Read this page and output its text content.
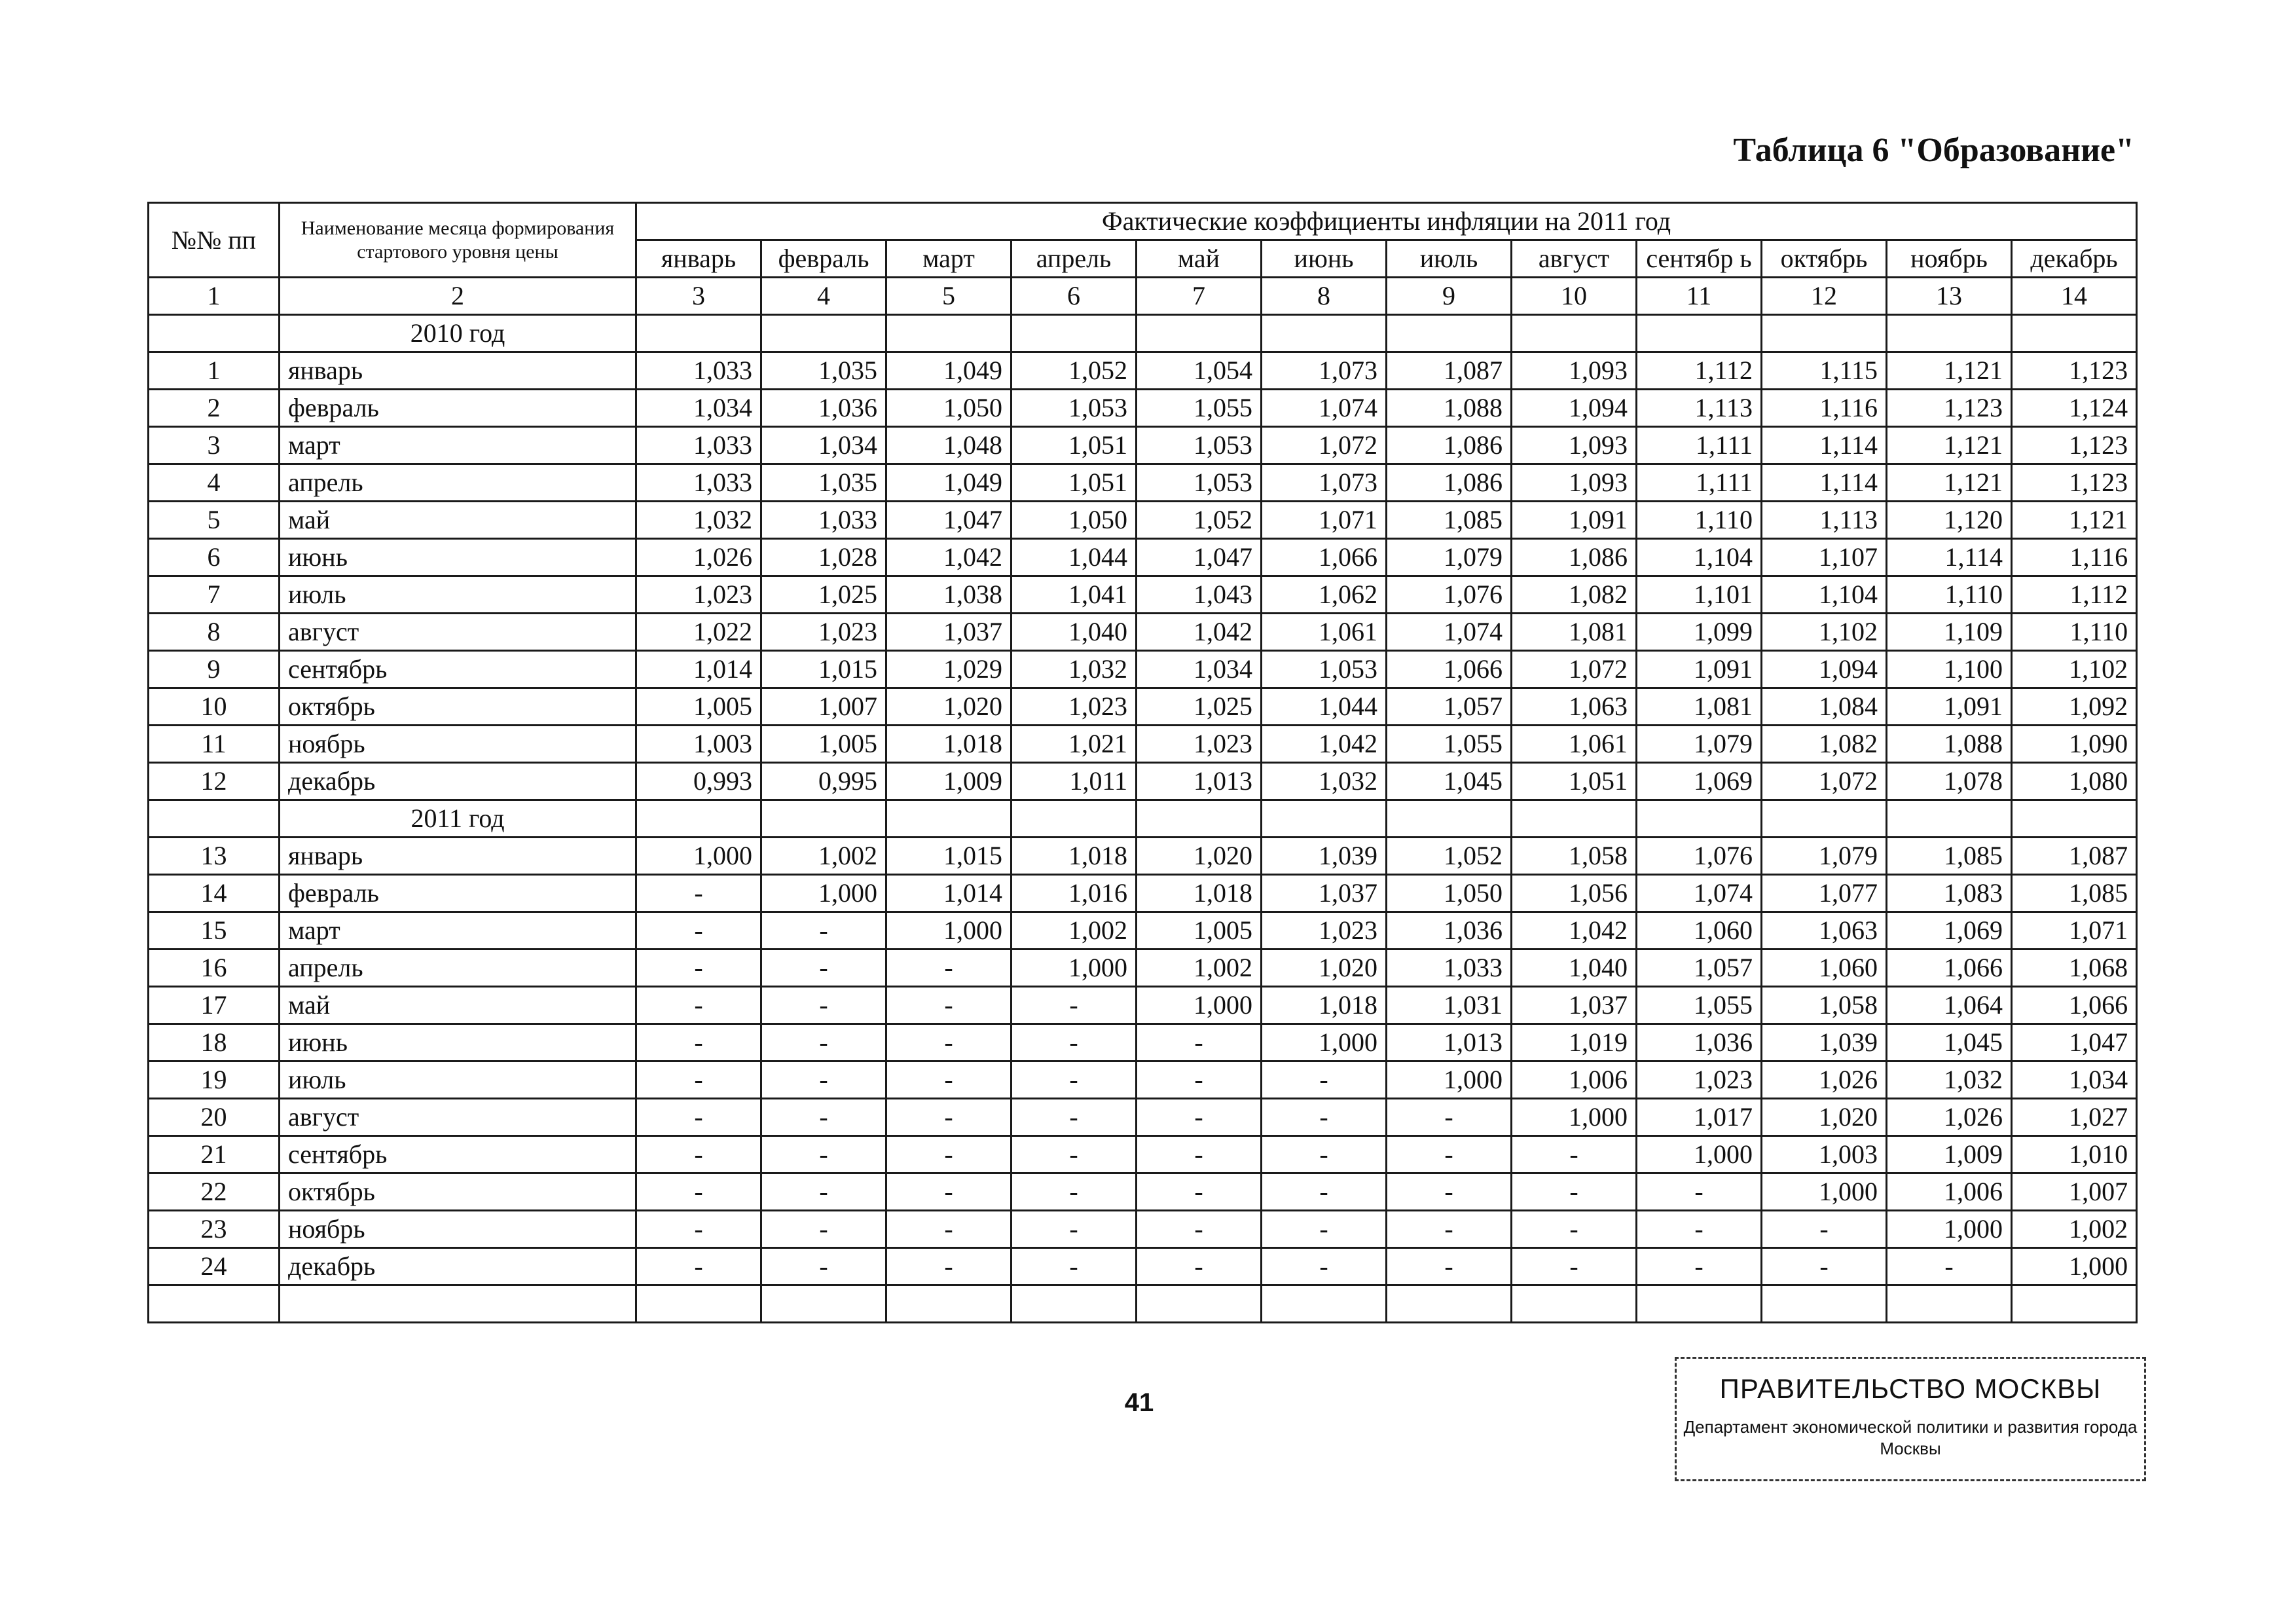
Таблица 6 "Образование"
№№ пп	Наименование месяца формирования стартового уровня цены	Фактические коэффициенты инфляции на 2011 год											
		январь	февраль	март	апрель	май	июнь	июль	август	сентябр ь	октябрь	ноябрь	декабрь
1	2	3	4	5	6	7	8	9	10	11	12	13	14
	2010 год												
1	январь	1,033	1,035	1,049	1,052	1,054	1,073	1,087	1,093	1,112	1,115	1,121	1,123
2	февраль	1,034	1,036	1,050	1,053	1,055	1,074	1,088	1,094	1,113	1,116	1,123	1,124
3	март	1,033	1,034	1,048	1,051	1,053	1,072	1,086	1,093	1,111	1,114	1,121	1,123
4	апрель	1,033	1,035	1,049	1,051	1,053	1,073	1,086	1,093	1,111	1,114	1,121	1,123
5	май	1,032	1,033	1,047	1,050	1,052	1,071	1,085	1,091	1,110	1,113	1,120	1,121
6	июнь	1,026	1,028	1,042	1,044	1,047	1,066	1,079	1,086	1,104	1,107	1,114	1,116
7	июль	1,023	1,025	1,038	1,041	1,043	1,062	1,076	1,082	1,101	1,104	1,110	1,112
8	август	1,022	1,023	1,037	1,040	1,042	1,061	1,074	1,081	1,099	1,102	1,109	1,110
9	сентябрь	1,014	1,015	1,029	1,032	1,034	1,053	1,066	1,072	1,091	1,094	1,100	1,102
10	октябрь	1,005	1,007	1,020	1,023	1,025	1,044	1,057	1,063	1,081	1,084	1,091	1,092
11	ноябрь	1,003	1,005	1,018	1,021	1,023	1,042	1,055	1,061	1,079	1,082	1,088	1,090
12	декабрь	0,993	0,995	1,009	1,011	1,013	1,032	1,045	1,051	1,069	1,072	1,078	1,080
	2011 год												
13	январь	1,000	1,002	1,015	1,018	1,020	1,039	1,052	1,058	1,076	1,079	1,085	1,087
14	февраль	-	1,000	1,014	1,016	1,018	1,037	1,050	1,056	1,074	1,077	1,083	1,085
15	март	-	-	1,000	1,002	1,005	1,023	1,036	1,042	1,060	1,063	1,069	1,071
16	апрель	-	-	-	1,000	1,002	1,020	1,033	1,040	1,057	1,060	1,066	1,068
17	май	-	-	-	-	1,000	1,018	1,031	1,037	1,055	1,058	1,064	1,066
18	июнь	-	-	-	-	-	1,000	1,013	1,019	1,036	1,039	1,045	1,047
19	июль	-	-	-	-	-	-	1,000	1,006	1,023	1,026	1,032	1,034
20	август	-	-	-	-	-	-	-	1,000	1,017	1,020	1,026	1,027
21	сентябрь	-	-	-	-	-	-	-	-	1,000	1,003	1,009	1,010
22	октябрь	-	-	-	-	-	-	-	-	-	1,000	1,006	1,007
23	ноябрь	-	-	-	-	-	-	-	-	-	-	1,000	1,002
24	декабрь	-	-	-	-	-	-	-	-	-	-	-	1,000

41	ПРАВИТЕЛЬСТВО МОСКВЫ
Департамент экономической политики и развития города Москвы
